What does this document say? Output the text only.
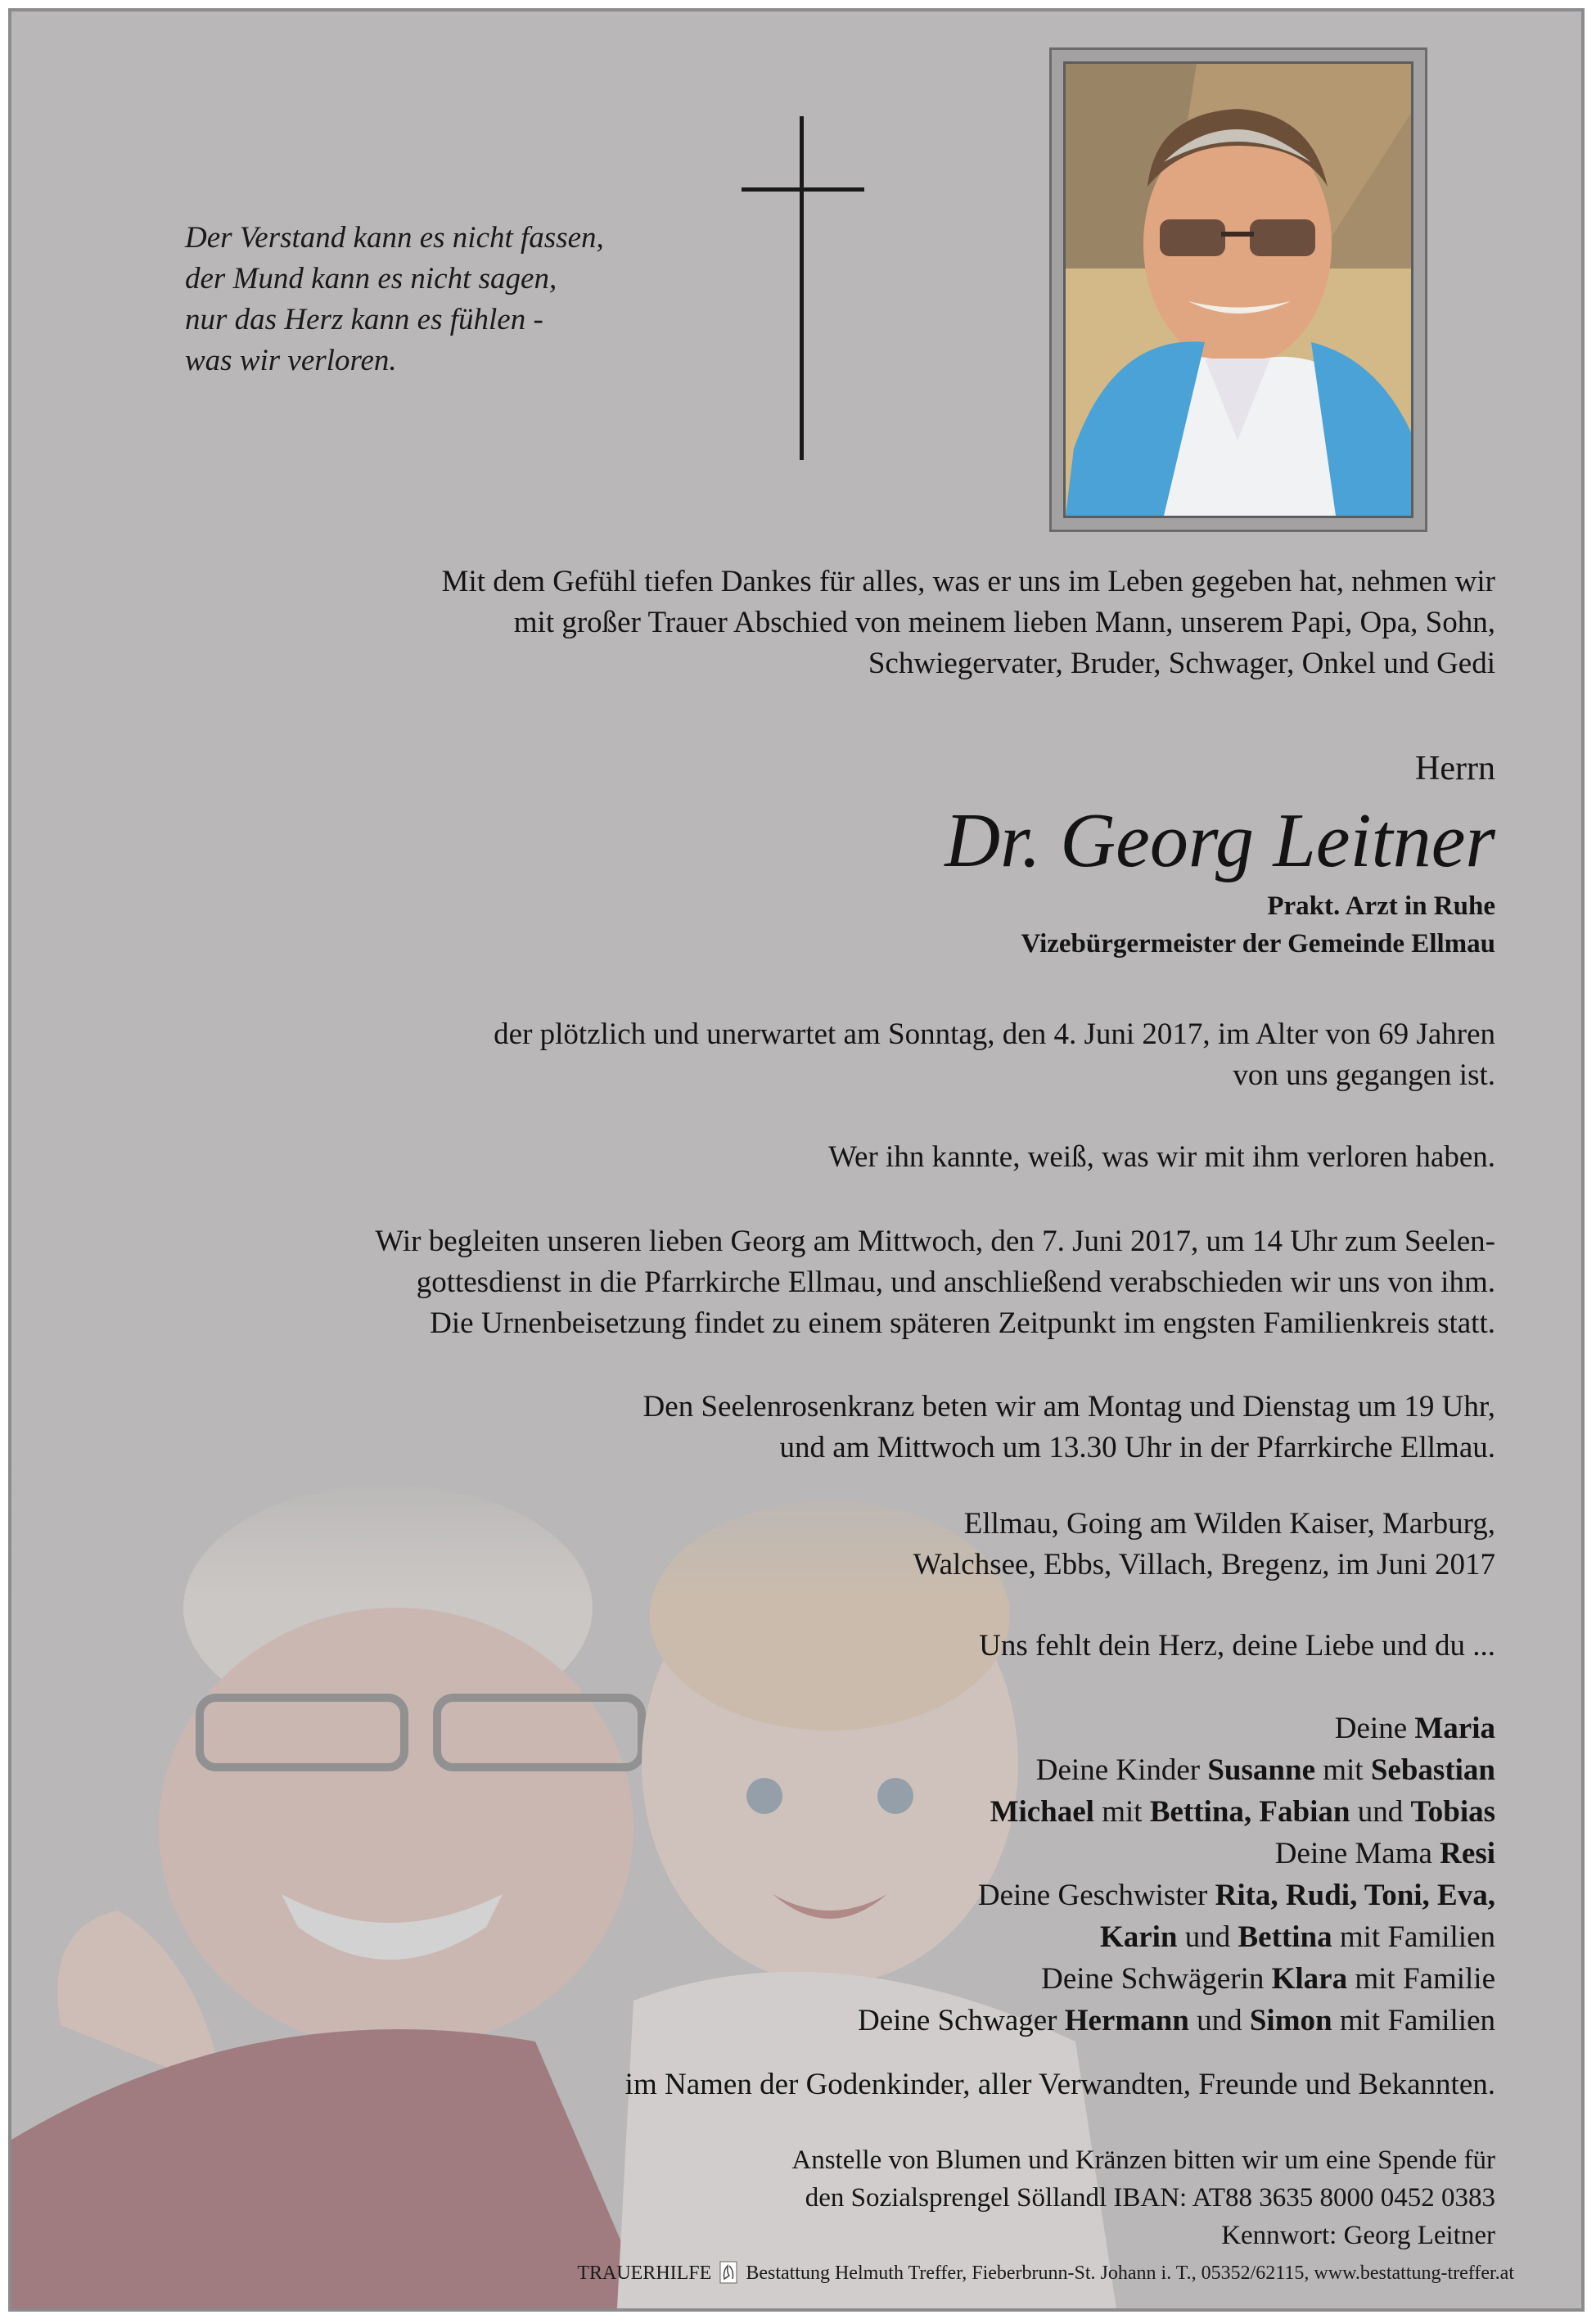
Der Verstand kann es nicht fassen,
der Mund kann es nicht sagen,
nur das Herz kann es fühlen -
was wir verloren.
Mit dem Gefühl tiefen Dankes für alles, was er uns im Leben gegeben hat, nehmen wir
mit großer Trauer Abschied von meinem lieben Mann, unserem Papi, Opa, Sohn,
Schwiegervater, Bruder, Schwager, Onkel und Gedi
Herrn
Dr. Georg Leitner
Prakt. Arzt in Ruhe
Vizebürgermeister der Gemeinde Ellmau
der plötzlich und unerwartet am Sonntag, den 4. Juni 2017, im Alter von 69 Jahren
von uns gegangen ist.
Wer ihn kannte, weiß, was wir mit ihm verloren haben.
Wir begleiten unseren lieben Georg am Mittwoch, den 7. Juni 2017, um 14 Uhr zum Seelen-
gottesdienst in die Pfarrkirche Ellmau, und anschließend verabschieden wir uns von ihm.
Die Urnenbeisetzung findet zu einem späteren Zeitpunkt im engsten Familienkreis statt.
Den Seelenrosenkranz beten wir am Montag und Dienstag um 19 Uhr,
und am Mittwoch um 13.30 Uhr in der Pfarrkirche Ellmau.
Ellmau, Going am Wilden Kaiser, Marburg,
Walchsee, Ebbs, Villach, Bregenz, im Juni 2017
Uns fehlt dein Herz, deine Liebe und du ...
Deine Maria
Deine Kinder Susanne mit Sebastian
Michael mit Bettina, Fabian und Tobias
Deine Mama Resi
Deine Geschwister Rita, Rudi, Toni, Eva,
Karin und Bettina mit Familien
Deine Schwägerin Klara mit Familie
Deine Schwager Hermann und Simon mit Familien
im Namen der Godenkinder, aller Verwandten, Freunde und Bekannten.
Anstelle von Blumen und Kränzen bitten wir um eine Spende für
den Sozialsprengel Söllandl IBAN: AT88 3635 8000 0452 0383
Kennwort: Georg Leitner
TRAUERHILFE Bestattung Helmuth Treffer, Fieberbrunn-St. Johann i. T., 05352/62115, www.bestattung-treffer.at
